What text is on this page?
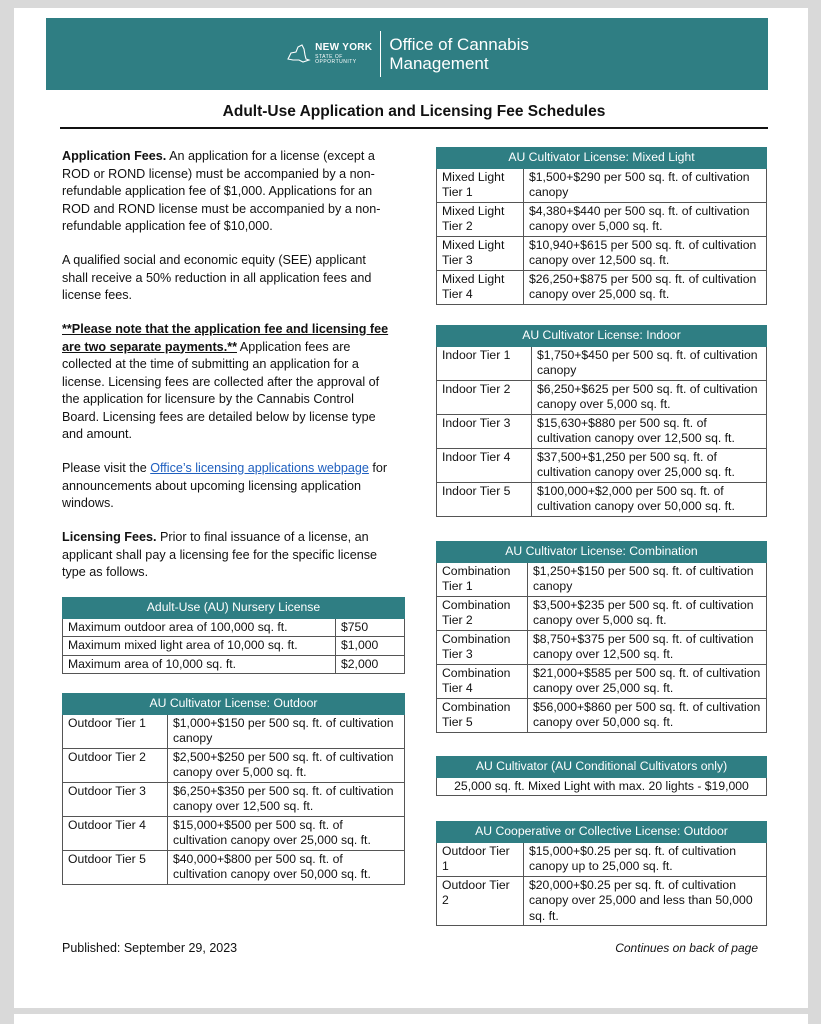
NEW YORK
STATE OF
OPPORTUNITY
Office of Cannabis
Management
Adult-Use Application and Licensing Fee Schedules

Application Fees. An application for a license (except a ROD or ROND license) must be accompanied by a non-refundable application fee of $1,000. Applications for an ROD and ROND license must be accompanied by a non-refundable application fee of $10,000.

A qualified social and economic equity (SEE) applicant shall receive a 50% reduction in all application fees and license fees.

**Please note that the application fee and licensing fee are two separate payments.** Application fees are collected at the time of submitting an application for a license. Licensing fees are collected after the approval of the application for licensure by the Cannabis Control Board. Licensing fees are detailed below by license type and amount.

Please visit the Office’s licensing applications webpage for announcements about upcoming licensing application windows.

Licensing Fees. Prior to final issuance of a license, an applicant shall pay a licensing fee for the specific license type as follows.

Adult-Use (AU) Nursery License	
Maximum outdoor area of 100,000 sq. ft.	$750
Maximum mixed light area of 10,000 sq. ft.	$1,000
Maximum area of 10,000 sq. ft.	$2,000
AU Cultivator License: Outdoor	
Outdoor Tier 1	$1,000+$150 per 500 sq. ft. of cultivation canopy
Outdoor Tier 2	$2,500+$250 per 500 sq. ft. of cultivation canopy over 5,000 sq. ft.
Outdoor Tier 3	$6,250+$350 per 500 sq. ft. of cultivation canopy over 12,500 sq. ft.
Outdoor Tier 4	$15,000+$500 per 500 sq. ft. of cultivation canopy over 25,000 sq. ft.
Outdoor Tier 5	$40,000+$800 per 500 sq. ft. of cultivation canopy over 50,000 sq. ft.
AU Cultivator License: Mixed Light	
Mixed Light Tier 1	$1,500+$290 per 500 sq. ft. of cultivation canopy
Mixed Light Tier 2	$4,380+$440 per 500 sq. ft. of cultivation canopy over 5,000 sq. ft.
Mixed Light Tier 3	$10,940+$615 per 500 sq. ft. of cultivation canopy over 12,500 sq. ft.
Mixed Light Tier 4	$26,250+$875 per 500 sq. ft. of cultivation canopy over 25,000 sq. ft.
AU Cultivator License: Indoor	
Indoor Tier 1	$1,750+$450 per 500 sq. ft. of cultivation canopy
Indoor Tier 2	$6,250+$625 per 500 sq. ft. of cultivation canopy over 5,000 sq. ft.
Indoor Tier 3	$15,630+$880 per 500 sq. ft. of cultivation canopy over 12,500 sq. ft.
Indoor Tier 4	$37,500+$1,250 per 500 sq. ft. of cultivation canopy over 25,000 sq. ft.
Indoor Tier 5	$100,000+$2,000 per 500 sq. ft. of cultivation canopy over 50,000 sq. ft.
AU Cultivator License: Combination	
Combination Tier 1	$1,250+$150 per 500 sq. ft. of cultivation canopy
Combination Tier 2	$3,500+$235 per 500 sq. ft. of cultivation canopy over 5,000 sq. ft.
Combination Tier 3	$8,750+$375 per 500 sq. ft. of cultivation canopy over 12,500 sq. ft.
Combination Tier 4	$21,000+$585 per 500 sq. ft. of cultivation canopy over 25,000 sq. ft.
Combination Tier 5	$56,000+$860 per 500 sq. ft. of cultivation canopy over 50,000 sq. ft.
AU Cultivator (AU Conditional Cultivators only)
25,000 sq. ft. Mixed Light with max. 20 lights - $19,000
AU Cooperative or Collective License: Outdoor	
Outdoor Tier 1	$15,000+$0.25 per sq. ft. of cultivation canopy up to 25,000 sq. ft.
Outdoor Tier 2	$20,000+$0.25 per sq. ft. of cultivation canopy over 25,000 and less than 50,000 sq. ft.
Published: September 29, 2023	Continues on back of page
